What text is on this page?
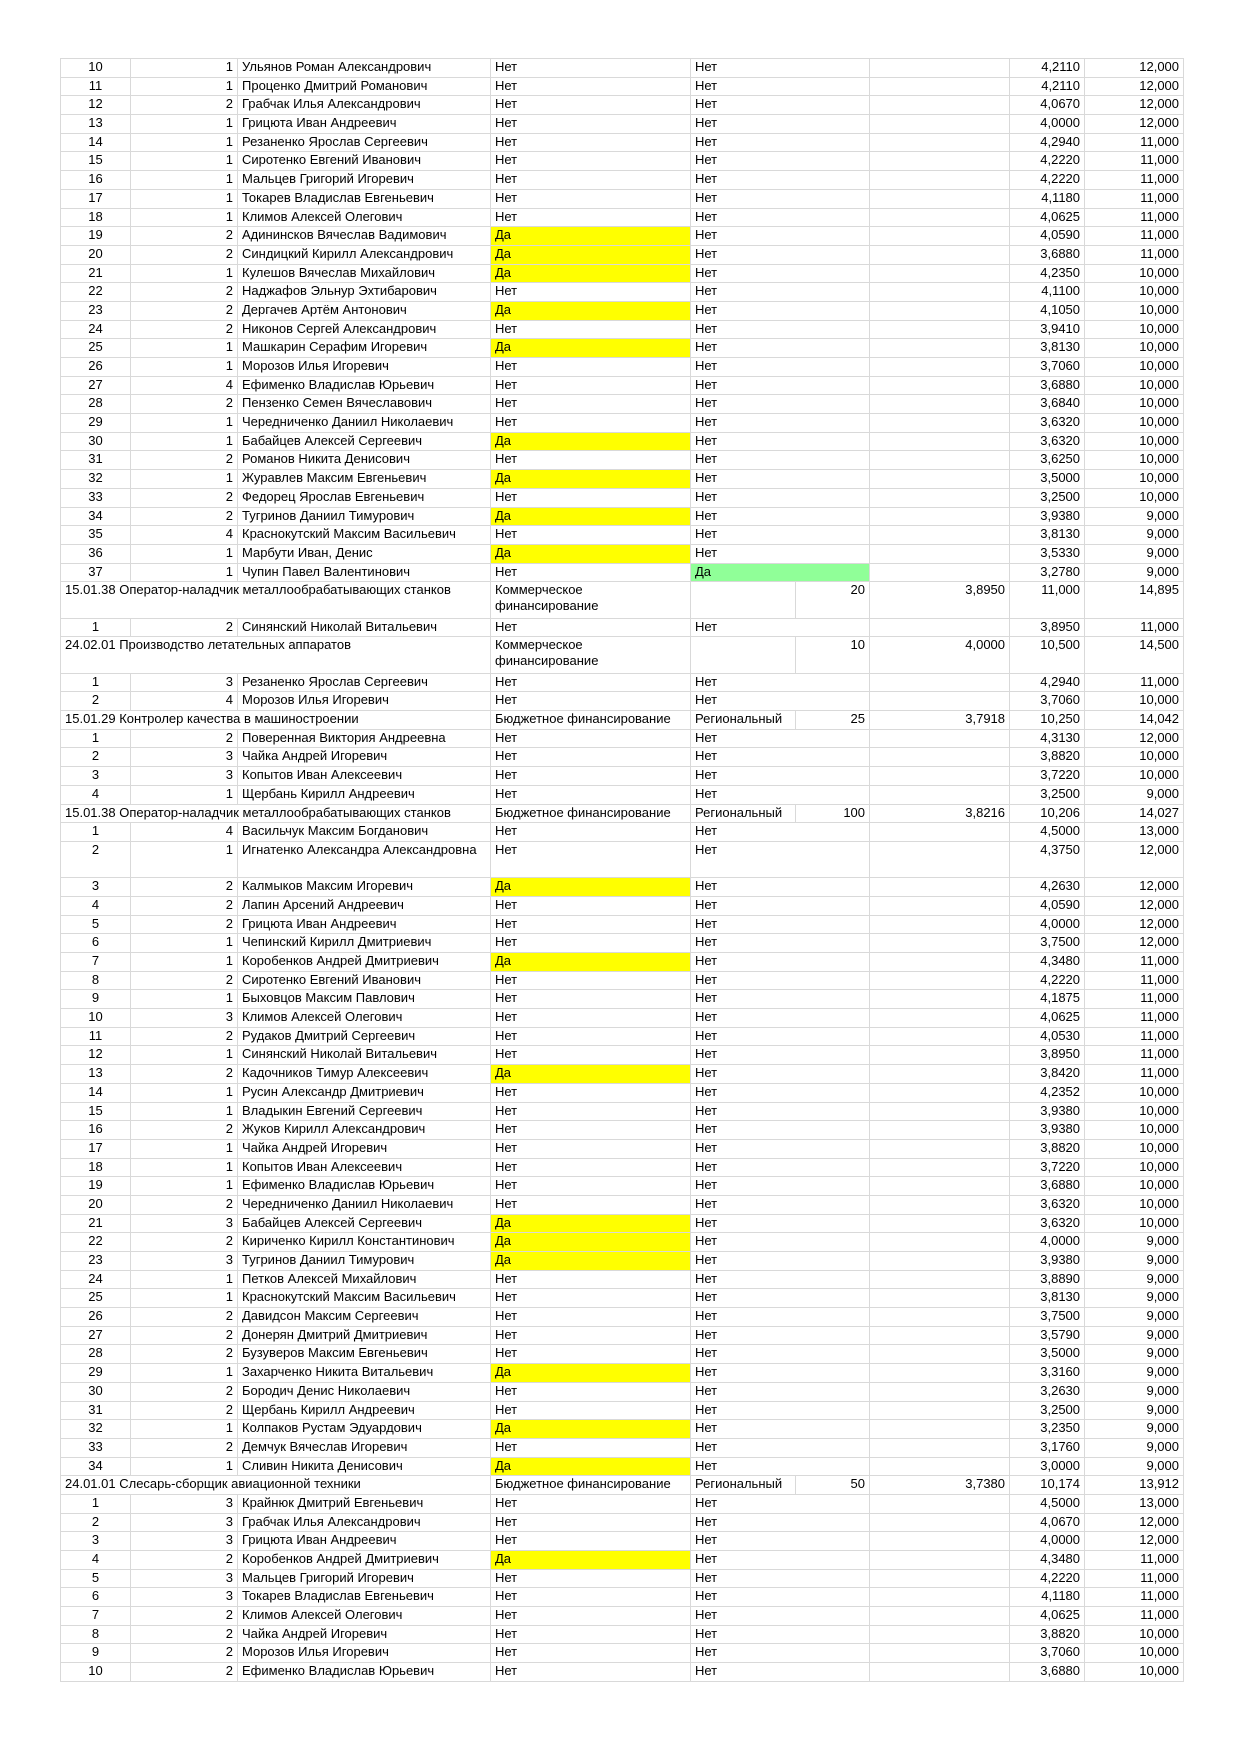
10	1	Ульянов Роман Александрович	Нет	Нет			4,2110	12,000	
11	1	Проценко Дмитрий Романович	Нет	Нет			4,2110	12,000	
12	2	Грабчак Илья Александрович	Нет	Нет			4,0670	12,000	
13	1	Грицюта Иван Андреевич	Нет	Нет			4,0000	12,000	
14	1	Резаненко Ярослав Сергеевич	Нет	Нет			4,2940	11,000	
15	1	Сиротенко Евгений Иванович	Нет	Нет			4,2220	11,000	
16	1	Мальцев Григорий Игоревич	Нет	Нет			4,2220	11,000	
17	1	Токарев Владислав Евгеньевич	Нет	Нет			4,1180	11,000	
18	1	Климов Алексей Олегович	Нет	Нет			4,0625	11,000	
19	2	Адининсков Вячеслав Вадимович	Да	Нет			4,0590	11,000	
20	2	Синдицкий Кирилл Александрович	Да	Нет			3,6880	11,000	
21	1	Кулешов Вячеслав Михайлович	Да	Нет			4,2350	10,000	
22	2	Наджафов Эльнур Эхтибарович	Нет	Нет			4,1100	10,000	
23	2	Дергачев Артём Антонович	Да	Нет			4,1050	10,000	
24	2	Никонов Сергей Александрович	Нет	Нет			3,9410	10,000	
25	1	Машкарин Серафим Игоревич	Да	Нет			3,8130	10,000	
26	1	Морозов Илья Игоревич	Нет	Нет			3,7060	10,000	
27	4	Ефименко Владислав Юрьевич	Нет	Нет			3,6880	10,000	
28	2	Пензенко Семен Вячеславович	Нет	Нет			3,6840	10,000	
29	1	Чередниченко Даниил Николаевич	Нет	Нет			3,6320	10,000	
30	1	Бабайцев Алексей Сергеевич	Да	Нет			3,6320	10,000	
31	2	Романов Никита Денисович	Нет	Нет			3,6250	10,000	
32	1	Журавлев Максим Евгеньевич	Да	Нет			3,5000	10,000	
33	2	Федорец Ярослав Евгеньевич	Нет	Нет			3,2500	10,000	
34	2	Тугринов Даниил Тимурович	Да	Нет			3,9380	9,000	
35	4	Краснокутский Максим Васильевич	Нет	Нет			3,8130	9,000	
36	1	Марбути Иван, Денис	Да	Нет			3,5330	9,000	
37	1	Чупин Павел Валентинович	Нет	Да			3,2780	9,000	
15.01.38 Оператор-наладчик металлообрабатывающих станков			Коммерческое финансирование		20	3,8950	11,000	14,895	
1	2	Синянский Николай Витальевич	Нет	Нет			3,8950	11,000	
24.02.01 Производство летательных аппаратов			Коммерческое финансирование		10	4,0000	10,500	14,500	
1	3	Резаненко Ярослав Сергеевич	Нет	Нет			4,2940	11,000	
2	4	Морозов Илья Игоревич	Нет	Нет			3,7060	10,000	
15.01.29 Контролер качества в машиностроении			Бюджетное финансирование	Региональный	25	3,7918	10,250	14,042	
1	2	Поверенная Виктория Андреевна	Нет	Нет			4,3130	12,000	
2	3	Чайка Андрей Игоревич	Нет	Нет			3,8820	10,000	
3	3	Копытов Иван Алексеевич	Нет	Нет			3,7220	10,000	
4	1	Щербань Кирилл Андреевич	Нет	Нет			3,2500	9,000	
15.01.38 Оператор-наладчик металлообрабатывающих станков			Бюджетное финансирование	Региональный	100	3,8216	10,206	14,027	
1	4	Васильчук Максим Богданович	Нет	Нет			4,5000	13,000	
2	1	Игнатенко Александра Александровна	Нет	Нет			4,3750	12,000	
3	2	Калмыков Максим Игоревич	Да	Нет			4,2630	12,000	
4	2	Лапин Арсений Андреевич	Нет	Нет			4,0590	12,000	
5	2	Грицюта Иван Андреевич	Нет	Нет			4,0000	12,000	
6	1	Чепинский Кирилл Дмитриевич	Нет	Нет			3,7500	12,000	
7	1	Коробенков Андрей Дмитриевич	Да	Нет			4,3480	11,000	
8	2	Сиротенко Евгений Иванович	Нет	Нет			4,2220	11,000	
9	1	Быховцов Максим Павлович	Нет	Нет			4,1875	11,000	
10	3	Климов Алексей Олегович	Нет	Нет			4,0625	11,000	
11	2	Рудаков Дмитрий Сергеевич	Нет	Нет			4,0530	11,000	
12	1	Синянский Николай Витальевич	Нет	Нет			3,8950	11,000	
13	2	Кадочников Тимур Алексеевич	Да	Нет			3,8420	11,000	
14	1	Русин Александр Дмитриевич	Нет	Нет			4,2352	10,000	
15	1	Владыкин Евгений Сергеевич	Нет	Нет			3,9380	10,000	
16	2	Жуков Кирилл Александрович	Нет	Нет			3,9380	10,000	
17	1	Чайка Андрей Игоревич	Нет	Нет			3,8820	10,000	
18	1	Копытов Иван Алексеевич	Нет	Нет			3,7220	10,000	
19	1	Ефименко Владислав Юрьевич	Нет	Нет			3,6880	10,000	
20	2	Чередниченко Даниил Николаевич	Нет	Нет			3,6320	10,000	
21	3	Бабайцев Алексей Сергеевич	Да	Нет			3,6320	10,000	
22	2	Кириченко Кирилл Константинович	Да	Нет			4,0000	9,000	
23	3	Тугринов Даниил Тимурович	Да	Нет			3,9380	9,000	
24	1	Петков Алексей Михайлович	Нет	Нет			3,8890	9,000	
25	1	Краснокутский Максим Васильевич	Нет	Нет			3,8130	9,000	
26	2	Давидсон Максим Сергеевич	Нет	Нет			3,7500	9,000	
27	2	Донерян Дмитрий Дмитриевич	Нет	Нет			3,5790	9,000	
28	2	Бузуверов Максим Евгеньевич	Нет	Нет			3,5000	9,000	
29	1	Захарченко Никита Витальевич	Да	Нет			3,3160	9,000	
30	2	Бородич Денис Николаевич	Нет	Нет			3,2630	9,000	
31	2	Щербань Кирилл Андреевич	Нет	Нет			3,2500	9,000	
32	1	Колпаков Рустам Эдуардович	Да	Нет			3,2350	9,000	
33	2	Демчук Вячеслав Игоревич	Нет	Нет			3,1760	9,000	
34	1	Сливин Никита Денисович	Да	Нет			3,0000	9,000	
24.01.01 Слесарь-сборщик авиационной техники			Бюджетное финансирование	Региональный	50	3,7380	10,174	13,912	
1	3	Крайнюк Дмитрий Евгеньевич	Нет	Нет			4,5000	13,000	
2	3	Грабчак Илья Александрович	Нет	Нет			4,0670	12,000	
3	3	Грицюта Иван Андреевич	Нет	Нет			4,0000	12,000	
4	2	Коробенков Андрей Дмитриевич	Да	Нет			4,3480	11,000	
5	3	Мальцев Григорий Игоревич	Нет	Нет			4,2220	11,000	
6	3	Токарев Владислав Евгеньевич	Нет	Нет			4,1180	11,000	
7	2	Климов Алексей Олегович	Нет	Нет			4,0625	11,000	
8	2	Чайка Андрей Игоревич	Нет	Нет			3,8820	10,000	
9	2	Морозов Илья Игоревич	Нет	Нет			3,7060	10,000	
10	2	Ефименко Владислав Юрьевич	Нет	Нет			3,6880	10,000	
